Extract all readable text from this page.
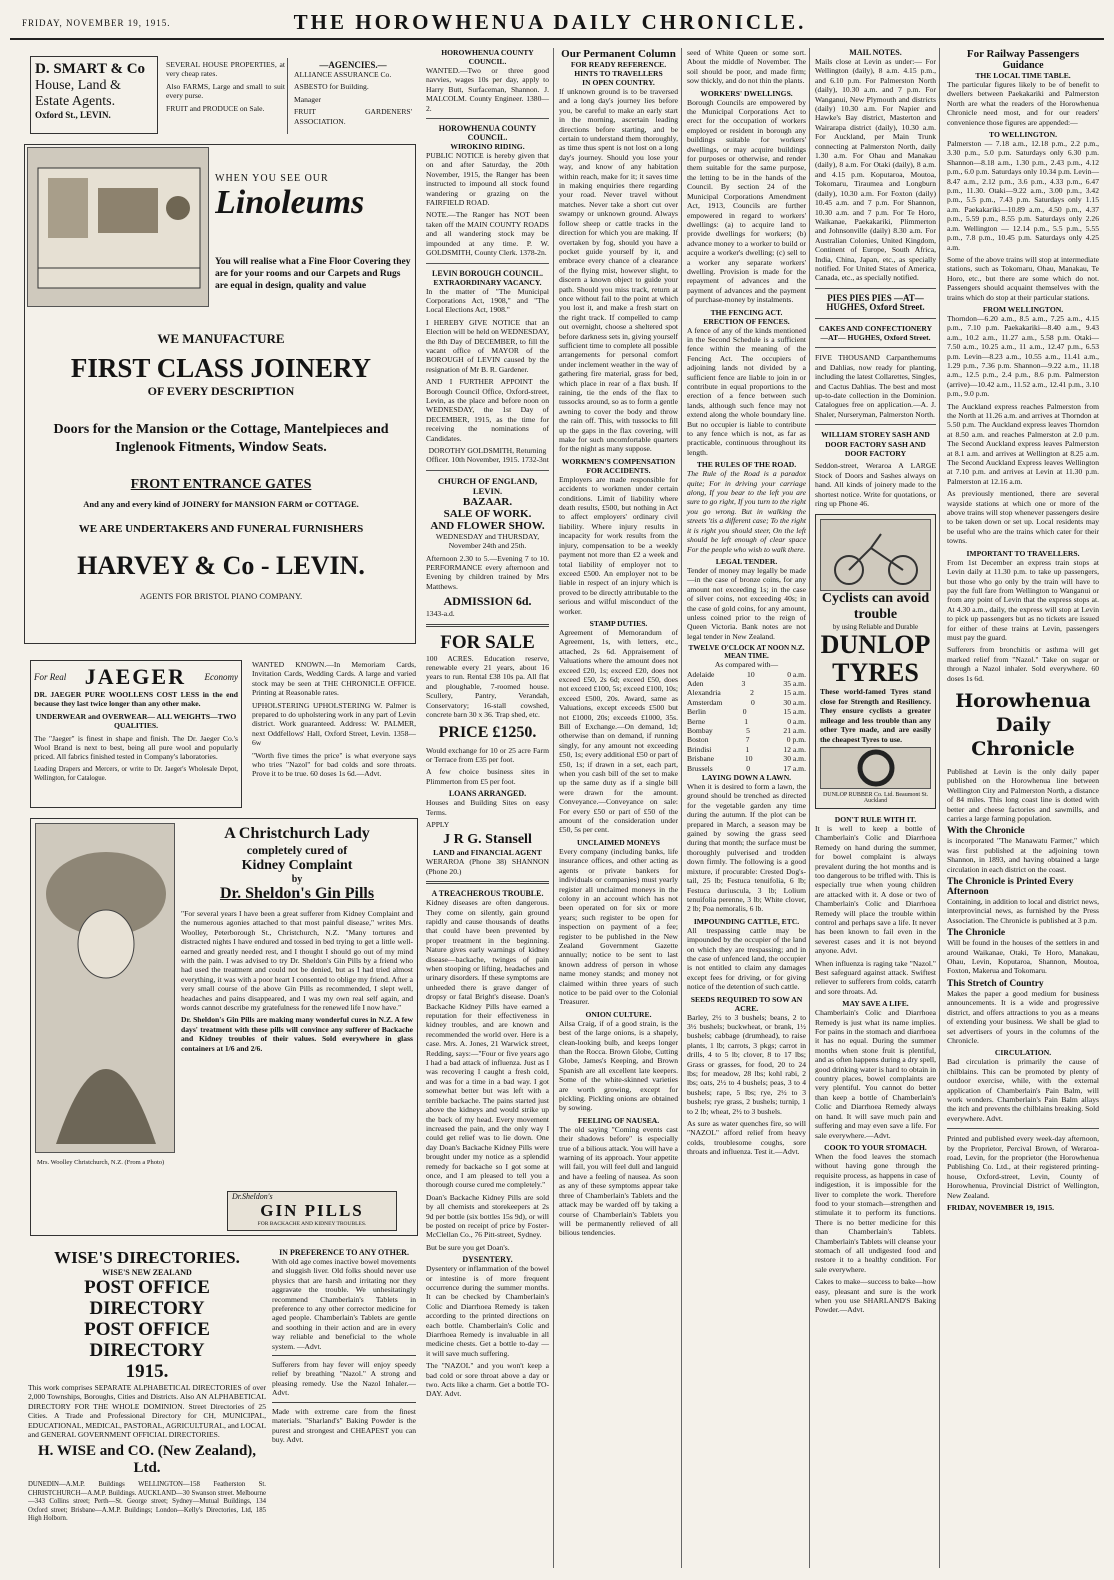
FRIDAY, NOVEMBER 19, 1915.	THE HOROWHENUA DAILY CHRONICLE.
D. SMART & Co
House, Land &
Estate Agents.
Oxford St., LEVIN.

SEVERAL HOUSE PROPERTIES, at very cheap rates.

Also FARMS, Large and small to suit every purse.

FRUIT and PRODUCE on Sale.

—AGENCIES.—

ALLIANCE ASSURANCE Co.

ASBESTO for Building.

Manager

FRUIT GARDENERS' ASSOCIATION.

WHEN YOU SEE OUR
Linoleums
You will realise what a Fine Floor Covering they are for your rooms and our Carpets and Rugs are equal in design, quality and value
WE MANUFACTURE
FIRST CLASS JOINERY
OF EVERY DESCRIPTION
Doors for the Mansion or the Cottage, Mantelpieces and Inglenook Fitments, Window Seats.
FRONT ENTRANCE GATES
And any and every kind of JOINERY for MANSION FARM or COTTAGE.
WE ARE UNDERTAKERS AND FUNERAL FURNISHERS
HARVEY & Co - LEVIN.
AGENTS FOR BRISTOL PIANO COMPANY.
For Real JAEGER Economy

DR. JAEGER PURE WOOLLENS COST LESS in the end because they last twice longer than any other make.

UNDERWEAR and OVERWEAR— ALL WEIGHTS—TWO QUALITIES.

The "Jaeger" is finest in shape and finish. The Dr. Jaeger Co.'s Wool Brand is next to best, being all pure wool and popularly priced. All fabrics finished tested in Company's laboratories.

Leading Drapers and Mercers, or write to Dr. Jaeger's Wholesale Depot, Wellington, for Catalogue.

WANTED KNOWN.—In Memoriam Cards, Invitation Cards, Wedding Cards. A large and varied stock may be seen at THE CHRONICLE OFFICE. Printing at Reasonable rates.

UPHOLSTERING UPHOLSTERING W. Palmer is prepared to do upholstering work in any part of Levin district. Work guaranteed. Address: W. PALMER, next Oddfellows' Hall, Oxford Street, Levin. 1358—6w

"Worth five times the price" is what everyone says who tries "Nazol" for bad colds and sore throats. Prove it to be true. 60 doses 1s 6d.—Advt.

Mrs. Woolley Christchurch, N.Z. (From a Photo)
A Christchurch Lady
completely cured of
Kidney Complaint
by
Dr. Sheldon's Gin Pills

"For several years I have been a great sufferer from Kidney Complaint and the numerous agonies attached to that most painful disease," writes Mrs. Woolley, Peterborough St., Christchurch, N.Z. "Many tortures and distracted nights I have endured and tossed in bed trying to get a little well-earned and greatly needed rest, and I thought I should go out of my mind with the pain. I was advised to try Dr. Sheldon's Gin Pills by a friend who had used the treatment and could not be denied, but as I had tried almost everything, it was with a poor heart I consented to oblige my friend. After a very small course of the above Gin Pills as recommended, I slept well, headaches and pains disappeared, and I was my own real self again, and words cannot describe my gratefulness for the renewed life I now have."

Dr. Sheldon's Gin Pills are making many wonderful cures in N.Z. A few days' treatment with these pills will convince any sufferer of Backache and Kidney troubles of their values. Sold everywhere in glass containers at 1/6 and 2/6.

Dr.Sheldon's
GIN PILLS
FOR BACKACHE AND KIDNEY TROUBLES.
WISE'S DIRECTORIES.
WISE'S NEW ZEALAND
POST OFFICE DIRECTORY
POST OFFICE DIRECTORY
1915.

This work comprises SEPARATE ALPHABETICAL DIRECTORIES of over 2,000 Townships, Boroughs, Cities and Districts. Also AN ALPHABETICAL DIRECTORY FOR THE WHOLE DOMINION. Street Directories of 25 Cities. A Trade and Professional Directory for CH, MUNICIPAL, EDUCATIONAL, MEDICAL, PASTORAL, AGRICULTURAL, and LOCAL and GENERAL GOVERNMENT OFFICIAL DIRECTORIES.

H. WISE and CO. (New Zealand), Ltd.

DUNEDIN—A.M.P. Buildings WELLINGTON—158 Featherston St. CHRISTCHURCH—A.M.P. Buildings. AUCKLAND—30 Swanson street. Melbourne—343 Collins street; Perth—St. George street; Sydney—Mutual Buildings, 134 Oxford street; Brisbane—A.M.P. Buildings; London—Kelly's Directories, Ltd, 185 High Holborn.

IN PREFERENCE TO ANY OTHER.

With old age comes inactive bowel movements and sluggish liver. Old folks should never use physics that are harsh and irritating nor they aggravate the trouble. We unhesitatingly recommend Chamberlain's Tablets in preference to any other corrector medicine for aged people. Chamberlain's Tablets are gentle and soothing in their action and are in every way reliable and beneficial to the whole system. —Advt.

Sufferers from hay fever will enjoy speedy relief by breathing "Nazol." A strong and pleasing remedy. Use the Nazol Inhaler.—Advt.

Made with extreme care from the finest materials. "Sharland's" Baking Powder is the purest and strongest and CHEAPEST you can buy. Advt.

HOROWHENUA COUNTY COUNCIL.

WANTED.—Two or three good navvies, wages 10s per day, apply to Harry Butt, Surfaceman, Shannon. J. MALCOLM. County Engineer. 1380—2.

HOROWHENUA COUNTY COUNCIL.
WIROKINO RIDING.

PUBLIC NOTICE is hereby given that on and after Saturday, the 20th November, 1915, the Ranger has been instructed to impound all stock found wandering or grazing on the FAIRFIELD ROAD.

NOTE.—The Ranger has NOT been taken off the MAIN COUNTY ROADS and all wandering stock may be impounded at any time. P. W. GOLDSMITH, County Clerk. 1378-2n.

LEVIN BOROUGH COUNCIL.
EXTRAORDINARY VACANCY.

In the matter of "The Municipal Corporations Act, 1908," and "The Local Elections Act, 1908."

I HEREBY GIVE NOTICE that an Election will be held on WEDNESDAY, the 8th Day of DECEMBER, to fill the vacant office of MAYOR of the BOROUGH of LEVIN caused by the resignation of Mr B. R. Gardener.

AND I FURTHER APPOINT the Borough Council Office, Oxford-street, Levin, as the place and before noon on WEDNESDAY, the 1st Day of DECEMBER, 1915, as the time for receiving the nominations of Candidates.

DOROTHY GOLDSMITH, Returning Officer. 10th November, 1915. 1732-3nt

CHURCH OF ENGLAND, LEVIN.
BAZAAR.
SALE OF WORK.
AND FLOWER SHOW.

WEDNESDAY and THURSDAY, November 24th and 25th.

Afternoon 2.30 to 5.—Evening 7 to 10. PERFORMANCE every afternoon and Evening by children trained by Mrs Matthews.

ADMISSION 6d.

1343-a.d.

FOR SALE

100 ACRES. Education reserve, renewable every 21 years, about 16 years to run. Rental £38 10s pa. All flat and ploughable, 7-roomed house. Scullery, Pantry, Verandah, Conservatory; 16-stall cowshed, concrete barn 30 x 36. Trap shed, etc.

PRICE £1250.

Would exchange for 10 or 25 acre Farm or Terrace from £35 per foot.

A few choice business sites in Plimmerton from £5 per foot.

LOANS ARRANGED.

Houses and Building Sites on easy Terms.

APPLY

J R G. Stansell
LAND and FINANCIAL AGENT

WERAROA (Phone 38) SHANNON (Phone 20.)

A TREACHEROUS TROUBLE.

Kidney diseases are often dangerous. They come on silently, gain ground rapidly and cause thousands of deaths that could have been prevented by proper treatment in the beginning. Nature gives early warnings of kidney disease—backache, twinges of pain when stooping or lifting, headaches and urinary disorders. If these symptoms are unheeded there is grave danger of dropsy or fatal Bright's disease. Doan's Backache Kidney Pills have earned a reputation for their effectiveness in kidney troubles, and are known and recommended the world over. Here is a case. Mrs. A. Jones, 21 Warwick street, Redding, says:—"Four or five years ago I had a bad attack of influenza. Just as I was recovering I caught a fresh cold, and was for a time in a bad way. I got somewhat better but was left with a terrible backache. The pains started just above the kidneys and would strike up the back of my head. Every movement increased the pain, and the only way I could get relief was to lie down. One day Doan's Backache Kidney Pills were brought under my notice as a splendid remedy for backache so I got some at once, and I am pleased to tell you a thorough course cured me completely."

Doan's Backache Kidney Pills are sold by all chemists and storekeepers at 2s 9d per bottle (six bottles 15s 9d), or will be posted on receipt of price by Foster-McClellan Co., 76 Pitt-street, Sydney.

But be sure you get Doan's.

DYSENTERY.

Dysentery or inflammation of the bowel or intestine is of more frequent occurrence during the summer months. It can be checked by Chamberlain's Colic and Diarrhoea Remedy is taken according to the printed directions on each bottle. Chamberlain's Colic and Diarrhoea Remedy is invaluable in all medicine chests. Get a bottle to-day — it will save much suffering.

The "NAZOL" and you won't keep a bad cold or sore throat above a day or two. Acts like a charm. Get a bottle TO-DAY. Advt.

Our Permanent Column
FOR READY REFERENCE.
HINTS TO TRAVELLERS
IN OPEN COUNTRY.

If unknown ground is to be traversed and a long day's journey lies before you, be careful to make an early start in the morning, ascertain leading directions before starting, and be certain to understand them thoroughly, as time thus spent is not lost on a long day's journey. Should you lose your way, and know of any habitation within reach, make for it; it saves time in making enquiries there regarding your road. Never travel without matches. Never take a short cut over swampy or unknown ground. Always follow sheep or cattle tracks in the direction for which you are making. If overtaken by fog, should you have a pocket guide yourself by it, and embrace every chance of a clearance of the flying mist, however slight, to discern a known object to guide your path. Should you miss track, return at once without fail to the point at which you lost it, and make a fresh start on the right track. If compelled to camp out overnight, choose a sheltered spot before darkness sets in, giving yourself sufficient time to complete all possible arrangements for personal comfort under inclement weather in the way of gathering fire material, grass for bed, which place in rear of a flax bush. If raining, tie the ends of the flax to tussocks around, so as to form a gentle awning to cover the body and throw the rain off. This, with tussocks to fill up the gaps in the flax covering, will make for such uncomfortable quarters for the night as many suppose.

WORKMEN'S COMPENSATION FOR ACCIDENTS.

Employers are made responsible for accidents to workmen under certain conditions. Limit of liability where death results, £500, but nothing in Act to affect employers' ordinary civil liability. Where injury results in incapacity for work results from the injury, compensation to be a weekly payment not more than £2 a week and total liability of employer not to exceed £500. An employer not to be liable in respect of an injury which is proved to be directly attributable to the serious and wilful misconduct of the worker.

STAMP DUTIES.

Agreement of Memorandum of Agreement, 1s, with letters, etc., attached, 2s 6d. Appraisement of Valuations where the amount does not exceed £20, 1s; exceed £20, does not exceed £50, 2s 6d; exceed £50, does not exceed £100, 5s; exceed £100, 10s; exceed £500, 20s. Award, same as Valuations, except exceeds £500 but not £1000, 20s; exceeds £1000, 35s. Bill of Exchange.—On demand, 1d; otherwise than on demand, if running singly, for any amount not exceeding £50, 1s; every additional £50 or part of £50, 1s; if drawn in a set, each part, when you cash bill of the set to make up the same duty as if a single bill were drawn for the amount. Conveyance.—Conveyance on sale: For every £50 or part of £50 of the amount of the consideration under £50, 5s per cent.

UNCLAIMED MONEYS

Every company (including banks, life insurance offices, and other acting as agents or private bankers for individuals or companies) must yearly register all unclaimed moneys in the colony in an account which has not been operated on for six or more years; such register to be open for inspection on payment of a fee; register to be published in the New Zealand Government Gazette annually; notice to be sent to last known address of person in whose name money stands; and money not claimed within three years of such notice to be paid over to the Colonial Treasurer.

ONION CULTURE.

Ailsa Craig, if of a good strain, is the best of the large onions, is a shapely, clean-looking bulb, and keeps longer than the Rocca. Brown Globe, Cutting Globe, James's Keeping, and Brown Spanish are all excellent late keepers. Some of the white-skinned varieties are worth growing, except for pickling. Pickling onions are obtained by sowing.

FEELING OF NAUSEA.

The old saying "Coming events cast their shadows before" is especially true of a bilious attack. You will have a warning of its approach. Your appetite will fail, you will feel dull and languid and have a feeling of nausea. As soon as any of these symptoms appear take three of Chamberlain's Tablets and the attack may be warded off by taking a course of Chamberlain's Tablets you will be permanently relieved of all bilious tendencies.

seed of White Queen or some sort. About the middle of November. The soil should be poor, and made firm; sow thickly, and do not thin the plants.

WORKERS' DWELLINGS.

Borough Councils are empowered by the Municipal Corporations Act to erect for the occupation of workers employed or resident in borough any buildings suitable for workers' dwellings, or may acquire buildings for purposes or otherwise, and render them suitable for the same purpose, the letting to be in the hands of the Council. By section 24 of the Municipal Corporations Amendment Act, 1913, Councils are further empowered in regard to workers' dwellings: (a) to acquire land to provide dwellings for workers; (b) advance money to a worker to build or acquire a worker's dwelling; (c) sell to a worker any separate workers' dwelling. Provision is made for the repayment of advances and the payment of advances and the payment of purchase-money by instalments.

THE FENCING ACT.
ERECTION OF FENCES.

A fence of any of the kinds mentioned in the Second Schedule is a sufficient fence within the meaning of the Fencing Act. The occupiers of adjoining lands not divided by a sufficient fence are liable to join in or contribute in equal proportions to the erection of a fence between such lands, although such fence may not extend along the whole boundary line. But no occupier is liable to contribute to any fence which is not, as far as practicable, continuous throughout its length.

THE RULES OF THE ROAD.

The Rule of the Road is a paradox quite; For in driving your carriage along, If you bear to the left you are sure to go right, If you turn to the right you go wrong. But in walking the streets 'tis a different case; To the right it is right you should steer, On the left should be left enough of clear space For the people who wish to walk there.

LEGAL TENDER.

Tender of money may legally be made—in the case of bronze coins, for any amount not exceeding 1s; in the case of silver coins, not exceeding 40s; in the case of gold coins, for any amount, unless coined prior to the reign of Queen Victoria. Bank notes are not legal tender in New Zealand.

TWELVE O'CLOCK AT NOON N.Z. MEAN TIME.
As compared with—
Adelaide	10	0 a.m.
Aden	3	35 a.m.
Alexandria	2	15 a.m.
Amsterdam	0	30 a.m.
Berlin	0	15 a.m.
Berne	1	0 a.m.
Bombay	5	21 a.m.
Boston	7	0 p.m.
Brindisi	1	12 a.m.
Brisbane	10	30 a.m.
Brussels	0	17 a.m.
LAYING DOWN A LAWN.

When it is desired to form a lawn, the ground should be trenched as directed for the vegetable garden any time during the autumn. If the plot can be prepared in March, a season may be gained by sowing the grass seed during that month; the surface must be thoroughly pulverised and trodden down firmly. The following is a good mixture, if procurable: Crested Dog's-tail, 25 lb; Festuca tenuifolia, 6 lb; Festuca duriuscula, 3 lb; Lolium tenuifolia perenne, 3 lb; White clover, 2 lb; Poa nemoralis, 6 lb.

IMPOUNDING CATTLE, ETC.

All trespassing cattle may be impounded by the occupier of the land on which they are trespassing; and in the case of unfenced land, the occupier is not entitled to claim any damages except fees for driving, or for giving notice of the detention of such cattle.

SEEDS REQUIRED TO SOW AN ACRE.

Barley, 2½ to 3 bushels; beans, 2 to 3½ bushels; buckwheat, or brank, 1½ bushels; cabbage (drumhead), to raise plants, 1 lb; carrots, 3 pkgs; carrot in drills, 4 to 5 lb; clover, 8 to 17 lbs; Grass or grasses, for food, 20 to 24 lbs; for meadow, 28 lbs; kohl rabi, 2 lbs; oats, 2½ to 4 bushels; peas, 3 to 4 bushels; rape, 5 lbs; rye, 2½ to 3 bushels; rye grass, 2 bushels; turnip, 1 to 2 lb; wheat, 2½ to 3 bushels.

As sure as water quenches fire, so will "NAZOL" afford relief from heavy colds, troublesome coughs, sore throats and influenza. Test it.—Advt.

MAIL NOTES.

Mails close at Levin as under:— For Wellington (daily), 8 a.m. 4.15 p.m., and 6.10 p.m. For Palmerston North (daily), 10.30 a.m. and 7 p.m. For Wanganui, New Plymouth and districts (daily) 10.30 a.m. For Napier and Hawke's Bay district, Masterton and Wairarapa district (daily), 10.30 a.m. For Auckland, per Main Trunk connecting at Palmerston North, daily 1.30 a.m. For Ohau and Manakau (daily), 8 a.m. For Otaki (daily), 8 a.m. and 4.15 p.m. Koputaroa, Moutoa, Tokomaru, Tiraumea and Longburn (daily), 10.30 a.m. For Foxton (daily) 10.45 a.m. and 7 p.m. For Shannon, 10.30 a.m. and 7 p.m. For Te Horo, Waikanae, Paekakariki, Plimmerton and Johnsonville (daily) 8.30 a.m. For Australian Colonies, United Kingdom, Continent of Europe, South Africa, India, China, Japan, etc., as specially notified. For United States of America, Canada, etc., as specially notified.

PIES PIES PIES —AT— HUGHES, Oxford Street.

CAKES AND CONFECTIONERY —AT— HUGHES, Oxford Street.

FIVE THOUSAND Carpanthemums and Dahlias, now ready for planting, including the latest Collarettes, Singles, and Cactus Dahlias. The best and most up-to-date collection in the Dominion. Catalogues free on application.—A. J. Shaler, Nurseryman, Palmerston North.

WILLIAM STOREY SASH AND DOOR FACTORY SASH AND DOOR FACTORY

Seddon-street, Weraroa A LARGE Stock of Doors and Sashes always on hand. All kinds of joinery made to the shortest notice. Write for quotations, or ring up Phone 46.

Cyclists can avoid trouble
by using Reliable and Durable
DUNLOP TYRES

These world-famed Tyres stand close for Strength and Resiliency. They ensure cyclists a greater mileage and less trouble than any other Tyre made, and are easily the cheapest Tyres to use.

DUNLOP RUBBER Co. Ltd. Beaumont St. Auckland
DON'T RULE WITH IT.

It is well to keep a bottle of Chamberlain's Colic and Diarrhoea Remedy on hand during the summer, for bowel complaint is always prevalent during the hot months and is too dangerous to be trifled with. This is especially true when young children are attacked with it. A dose or two of Chamberlain's Colic and Diarrhoea Remedy will place the trouble within control and perhaps save a life. It never has been known to fail even in the severest cases and it is not beyond anyone. Advt.

When influenza is raging take "Nazol." Best safeguard against attack. Swiftest reliever to sufferers from colds, catarrh and sore throats. Ad.

MAY SAVE A LIFE.

Chamberlain's Colic and Diarrhoea Remedy is just what its name implies. For pains in the stomach and diarrhoea it has no equal. During the summer months when stone fruit is plentiful, and as often happens during a dry spell, good drinking water is hard to obtain in country places, bowel complaints are very plentiful. You cannot do better than keep a bottle of Chamberlain's Colic and Diarrhoea Remedy always on hand. It will save much pain and suffering and may even save a life. For sale everywhere.—Advt.

COOK TO YOUR STOMACH.

When the food leaves the stomach without having gone through the requisite process, as happens in case of indigestion, it is impossible for the liver to complete the work. Therefore food to your stomach—strengthen and stimulate it to perform its functions. There is no better medicine for this than Chamberlain's Tablets. Chamberlain's Tablets will cleanse your stomach of all undigested food and restore it to a healthy condition. For sale everywhere.

Cakes to make—success to bake—how easy, pleasant and sure is the work when you use SHARLAND'S Baking Powder.—Advt.

For Railway Passengers
Guidance
THE LOCAL TIME TABLE.

The particular figures likely to be of benefit to dwellers between Paekakariki and Palmerston North are what the readers of the Horowhenua Chronicle need most, and for our readers' convenience those figures are appended:—

TO WELLINGTON.

Palmerston — 7.18 a.m., 12.18 p.m., 2.2 p.m., 3.30 p.m., 5.0 p.m. Saturdays only 6.30 p.m. Shannon—8.18 a.m., 1.30 p.m., 2.43 p.m., 4.12 p.m., 6.0 p.m. Saturdays only 10.34 p.m. Levin—8.47 a.m., 2.12 p.m., 3.6 p.m., 4.33 p.m., 6.47 p.m., 11.30. Otaki—9.22 a.m., 3.00 p.m., 3.42 p.m., 5.5 p.m., 7.43 p.m. Saturdays only 1.15 a.m. Paekakariki—10.89 a.m., 4.50 p.m., 4.37 p.m., 5.59 p.m., 8.55 p.m. Saturdays only 2.26 a.m. Wellington — 12.14 p.m., 5.5 p.m., 5.55 p.m., 7.8 p.m., 10.45 p.m. Saturdays only 4.25 a.m.

Some of the above trains will stop at intermediate stations, such as Tokomaru, Ohau, Manakau, Te Horo, etc., but there are some which do not. Passengers should acquaint themselves with the trains which do stop at their particular stations.

FROM WELLINGTON.

Thorndon—6.20 a.m., 8.5 a.m., 7.25 a.m., 4.15 p.m., 7.10 p.m. Paekakariki—8.40 a.m., 9.43 a.m., 10.2 a.m., 11.27 a.m., 5.58 p.m. Otaki—7.50 a.m., 10.25 a.m., 11 a.m., 12.47 p.m., 6.53 p.m. Levin—8.23 a.m., 10.55 a.m., 11.41 a.m., 1.29 p.m., 7.36 p.m. Shannon—9.22 a.m., 11.18 a.m., 12.5 p.m., 2.4 p.m., 8.6 p.m. Palmerston (arrive)—10.42 a.m., 11.52 a.m., 12.41 p.m., 3.10 p.m., 9.0 p.m.

The Auckland express reaches Palmerston from the North at 11.26 a.m. and arrives at Thorndon at 5.50 p.m. The Auckland express leaves Thorndon at 8.50 a.m. and reaches Palmerston at 2.0 p.m. The Second Auckland express leaves Palmerston at 8.1 a.m. and arrives at Wellington at 8.25 a.m. The Second Auckland Express leaves Wellington at 7.10 p.m. and arrives at Levin at 11.30 p.m. Palmerston at 12.16 a.m.

As previously mentioned, there are several wayside stations at which one or more of the above trains will stop whenever passengers desire to be taken down or set up. Local residents may be useful who are the trains which cater for their towns.

IMPORTANT TO TRAVELLERS.

From 1st December an express train stops at Levin daily at 11.30 p.m. to take up passengers, but those who go only by the train will have to pay the full fare from Wellington to Wanganui or from any point of Levin that the express stops at. At 4.30 a.m., daily, the express will stop at Levin to pick up passengers but as no tickets are issued for either of these trains at Levin, passengers must pay the guard.

Sufferers from bronchitis or asthma will get marked relief from "Nazol." Take on sugar or through a Nazol inhaler. Sold everywhere. 60 doses 1s 6d.

Horowhenua
Daily
Chronicle

Published at Levin is the only daily paper published on the Horowhenua line between Wellington City and Palmerston North, a distance of 84 miles. This long coast line is dotted with better and cheese factories and sawmills, and carries a large farming population.

With the Chronicle

is incorporated "The Manawatu Farmer," which was first published at the adjoining town Shannon, in 1893, and having obtained a large circulation in each district on the coast.

The Chronicle is Printed Every Afternoon

Containing, in addition to local and district news, interprovincial news, as furnished by the Press Association. The Chronicle is published at 3 p.m.

The Chronicle

Will be found in the houses of the settlers in and around Waikanae, Otaki, Te Horo, Manakau, Ohau, Levin, Koputaroa, Shannon, Moutoa, Foxton, Makerua and Tokomaru.

This Stretch of Country

Makes the paper a good medium for business announcements. It is a wide and progressive district, and offers attractions to you as a means of extending your business. We shall be glad to set advertisers of yours in the columns of the Chronicle.

CIRCULATION.

Bad circulation is primarily the cause of chilblains. This can be promoted by plenty of outdoor exercise, while, with the external application of Chamberlain's Pain Balm, will work wonders. Chamberlain's Pain Balm allays the itch and prevents the chilblains breaking. Sold everywhere. Advt.

Printed and published every week-day afternoon, by the Proprietor, Percival Brown, of Weraroa-road, Levin, for the proprietor (the Horowhenua Publishing Co. Ltd., at their registered printing-house, Oxford-street, Levin, County of Horowhenua, Provincial District of Wellington, New Zealand.

FRIDAY, NOVEMBER 19, 1915.
